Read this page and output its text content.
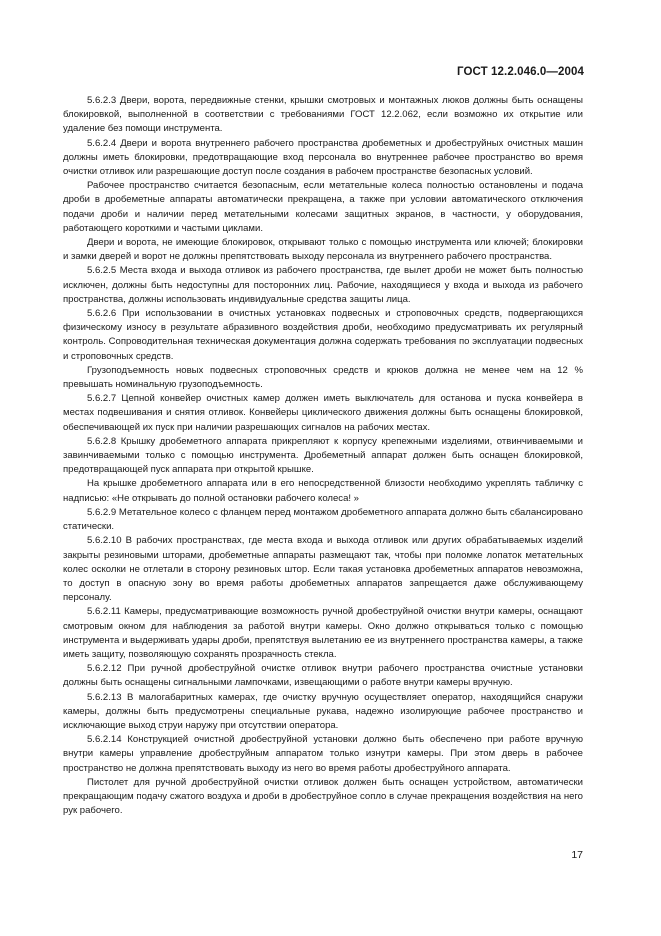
ГОСТ 12.2.046.0—2004

5.6.2.3 Двери, ворота, передвижные стенки, крышки смотровых и монтажных люков должны быть оснащены блокировкой, выполненной в соответствии с требованиями ГОСТ 12.2.062, если возможно их открытие или удаление без помощи инструмента.

5.6.2.4 Двери и ворота внутреннего рабочего пространства дробеметных и дробеструйных очистных машин должны иметь блокировки, предотвращающие вход персонала во внутреннее рабочее пространство во время очистки отливок или разрешающие доступ после создания в рабочем пространстве безопасных условий.

Рабочее пространство считается безопасным, если метательные колеса полностью остановлены и подача дроби в дробеметные аппараты автоматически прекращена, а также при условии автоматического отключения подачи дроби и наличии перед метательными колесами защитных экранов, в частности, у оборудования, работающего короткими и частыми циклами.

Двери и ворота, не имеющие блокировок, открывают только с помощью инструмента или ключей; блокировки и замки дверей и ворот не должны препятствовать выходу персонала из внутреннего рабочего пространства.

5.6.2.5 Места входа и выхода отливок из рабочего пространства, где вылет дроби не может быть полностью исключен, должны быть недоступны для посторонних лиц. Рабочие, находящиеся у входа и выхода из рабочего пространства, должны использовать индивидуальные средства защиты лица.

5.6.2.6 При использовании в очистных установках подвесных и строповочных средств, подвергающихся физическому износу в результате абразивного воздействия дроби, необходимо предусматривать их регулярный контроль. Сопроводительная техническая документация должна содержать требования по эксплуатации подвесных и строповочных средств.

Грузоподъемность новых подвесных строповочных средств и крюков должна не менее чем на 12 % превышать номинальную грузоподъемность.

5.6.2.7 Цепной конвейер очистных камер должен иметь выключатель для останова и пуска конвейера в местах подвешивания и снятия отливок. Конвейеры циклического движения должны быть оснащены блокировкой, обеспечивающей их пуск при наличии разрешающих сигналов на рабочих местах.

5.6.2.8 Крышку дробеметного аппарата прикрепляют к корпусу крепежными изделиями, отвинчиваемыми и завинчиваемыми только с помощью инструмента. Дробеметный аппарат должен быть оснащен блокировкой, предотвращающей пуск аппарата при открытой крышке.

На крышке дробеметного аппарата или в его непосредственной близости необходимо укреплять табличку с надписью: «Не открывать до полной остановки рабочего колеса! »

5.6.2.9 Метательное колесо с фланцем перед монтажом дробеметного аппарата должно быть сбалансировано статически.

5.6.2.10 В рабочих пространствах, где места входа и выхода отливок или других обрабатываемых изделий закрыты резиновыми шторами, дробеметные аппараты размещают так, чтобы при поломке лопаток метательных колес осколки не отлетали в сторону резиновых штор. Если такая установка дробеметных аппаратов невозможна, то доступ в опасную зону во время работы дробеметных аппаратов запрещается даже обслуживающему персоналу.

5.6.2.11 Камеры, предусматривающие возможность ручной дробеструйной очистки внутри камеры, оснащают смотровым окном для наблюдения за работой внутри камеры. Окно должно открываться только с помощью инструмента и выдерживать удары дроби, препятствуя вылетанию ее из внутреннего пространства камеры, а также иметь защиту, позволяющую сохранять прозрачность стекла.

5.6.2.12 При ручной дробеструйной очистке отливок внутри рабочего пространства очистные установки должны быть оснащены сигнальными лампочками, извещающими о работе внутри камеры вручную.

5.6.2.13 В малогабаритных камерах, где очистку вручную осуществляет оператор, находящийся снаружи камеры, должны быть предусмотрены специальные рукава, надежно изолирующие рабочее пространство и исключающие выход струи наружу при отсутствии оператора.

5.6.2.14 Конструкцией очистной дробеструйной установки должно быть обеспечено при работе вручную внутри камеры управление дробеструйным аппаратом только изнутри камеры. При этом дверь в рабочее пространство не должна препятствовать выходу из него во время работы дробеструйного аппарата.

Пистолет для ручной дробеструйной очистки отливок должен быть оснащен устройством, автоматически прекращающим подачу сжатого воздуха и дроби в дробеструйное сопло в случае прекращения воздействия на него рук рабочего.

17
